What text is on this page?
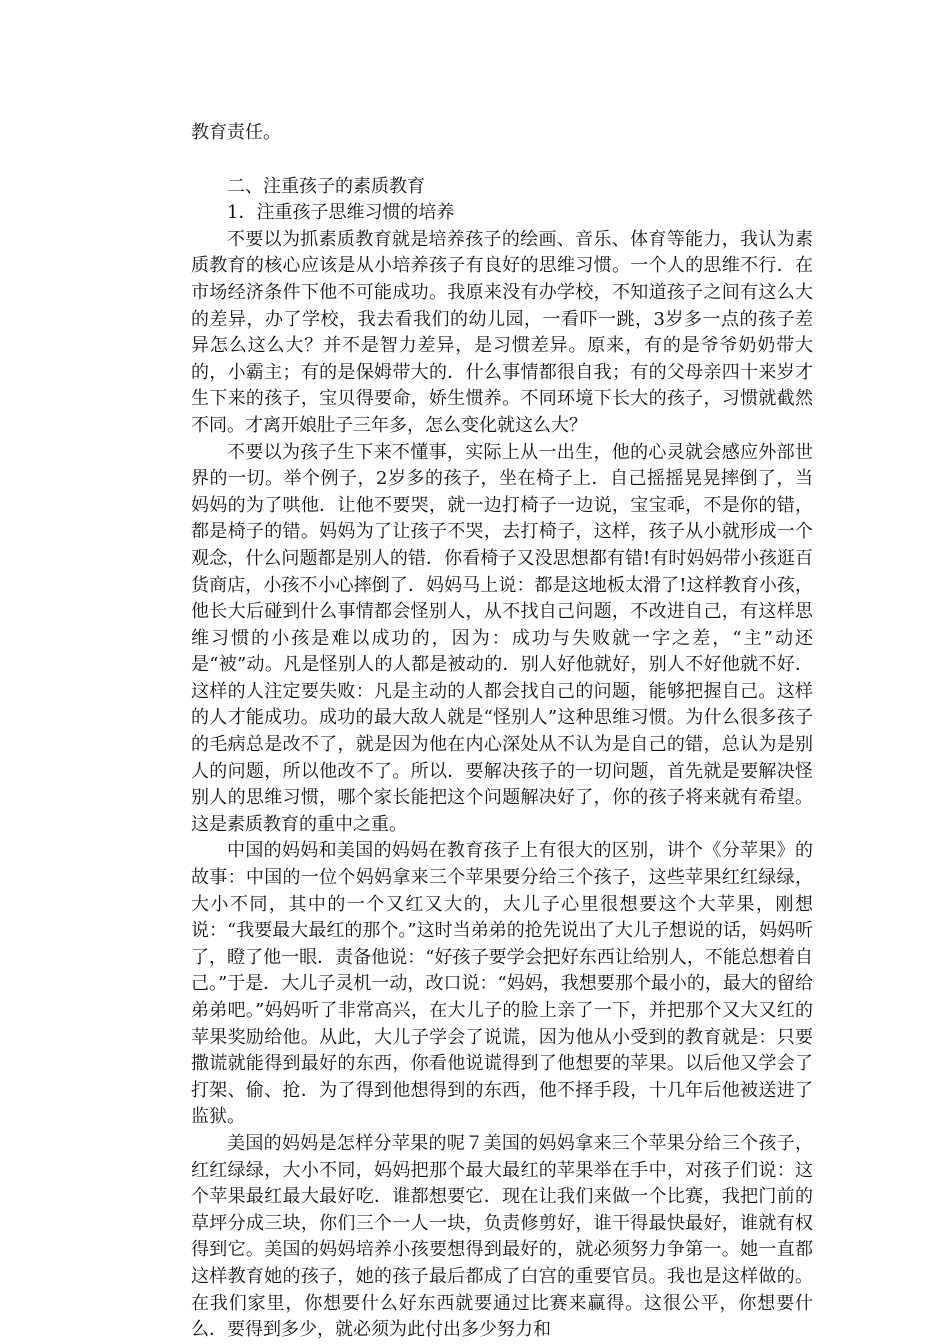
教育责任。

二、注重孩子的素质教育

1．注重孩子思维习惯的培养

不要以为抓素质教育就是培养孩子的绘画、音乐、体育等能力，我认为素质教育的核心应该是从小培养孩子有良好的思维习惯。一个人的思维不行．在市场经济条件下他不可能成功。我原来没有办学校，不知道孩子之间有这么大的差异，办了学校，我去看我们的幼儿园，一看吓一跳，3岁多一点的孩子差异怎么这么大？并不是智力差异，是习惯差异。原来，有的是爷爷奶奶带大的，小霸主；有的是保姆带大的．什么事情都很自我；有的父母亲四十来岁才生下来的孩子，宝贝得要命，娇生惯养。不同环境下长大的孩子，习惯就截然不同。才离开娘肚子三年多，怎么变化就这么大？

不要以为孩子生下来不懂事，实际上从一出生，他的心灵就会感应外部世界的一切。举个例子，2岁多的孩子，坐在椅子上．自己摇摇晃晃摔倒了，当妈妈的为了哄他．让他不要哭，就一边打椅子一边说，宝宝乖，不是你的错，都是椅子的错。妈妈为了让孩子不哭，去打椅子，这样，孩子从小就形成一个观念，什么问题都是别人的错．你看椅子又没思想都有错!有时妈妈带小孩逛百货商店，小孩不小心摔倒了．妈妈马上说：都是这地板太滑了!这样教育小孩，他长大后碰到什么事情都会怪别人，从不找自己问题，不改进自己，有这样思维习惯的小孩是难以成功的，因为：成功与失败就一字之差，“主”动还是“被”动。凡是怪别人的人都是被动的．别人好他就好，别人不好他就不好．这样的人注定要失败：凡是主动的人都会找自己的问题，能够把握自己。这样的人才能成功。成功的最大敌人就是“怪别人”这种思维习惯。为什么很多孩子的毛病总是改不了，就是因为他在内心深处从不认为是自己的错，总认为是别人的问题，所以他改不了。所以．要解决孩子的一切问题，首先就是要解决怪别人的思维习惯，哪个家长能把这个问题解决好了，你的孩子将来就有希望。这是素质教育的重中之重。

中国的妈妈和美国的妈妈在教育孩子上有很大的区别，讲个《分苹果》的故事：中国的一位个妈妈拿来三个苹果要分给三个孩子，这些苹果红红绿绿，大小不同，其中的一个又红又大的，大儿子心里很想要这个大苹果，刚想说：“我要最大最红的那个。”这时当弟弟的抢先说出了大儿子想说的话，妈妈听了，瞪了他一眼．责备他说：“好孩子要学会把好东西让给别人，不能总想着自己。”于是．大儿子灵机一动，改口说：“妈妈，我想要那个最小的，最大的留给弟弟吧。”妈妈听了非常高兴，在大儿子的脸上亲了一下，并把那个又大又红的苹果奖励给他。从此，大儿子学会了说谎，因为他从小受到的教育就是：只要撒谎就能得到最好的东西，你看他说谎得到了他想要的苹果。以后他又学会了打架、偷、抢．为了得到他想得到的东西，他不择手段，十几年后他被送进了监狱。

美国的妈妈是怎样分苹果的呢７美国的妈妈拿来三个苹果分给三个孩子，红红绿绿，大小不同，妈妈把那个最大最红的苹果举在手中，对孩子们说：这个苹果最红最大最好吃．谁都想要它．现在让我们来做一个比赛，我把门前的草坪分成三块，你们三个一人一块，负责修剪好，谁干得最快最好，谁就有权得到它。美国的妈妈培养小孩要想得到最好的，就必须努力争第一。她一直都这样教育她的孩子，她的孩子最后都成了白宫的重要官员。我也是这样做的。在我们家里，你想要什么好东西就要通过比赛来赢得。这很公平，你想要什么．要得到多少，就必须为此付出多少努力和
